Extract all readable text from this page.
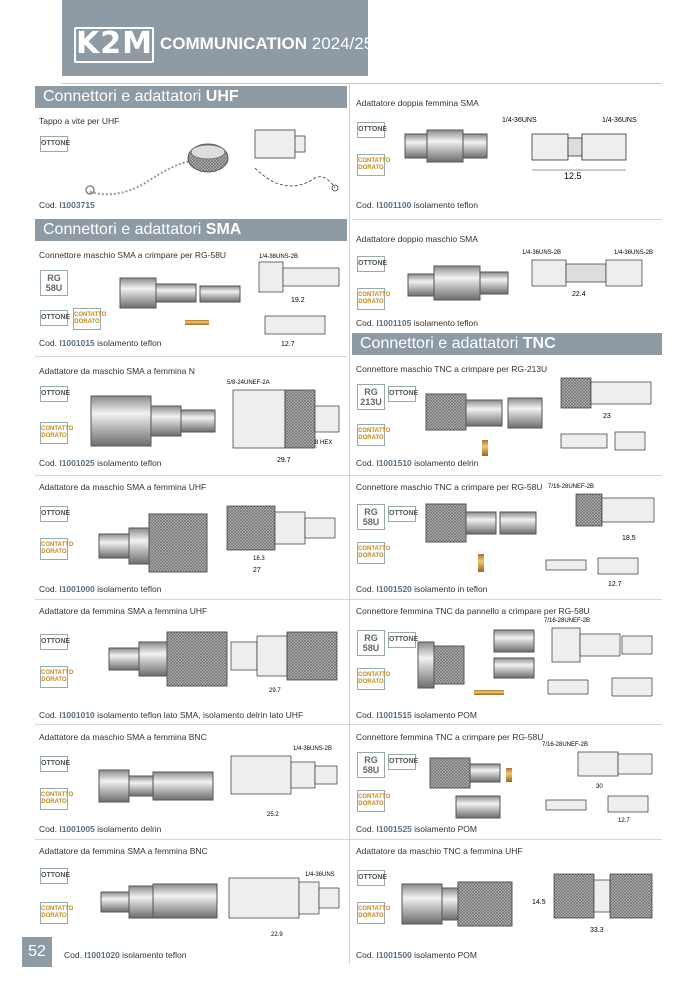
K2M COMMUNICATION 2024/25
Connettori e adattatori UHF
Tappo a vite per UHF
OTTONE
Cod. I1003715
Adattatore doppia femmina SMA
OTTONE
CONTATTO
DORATO
12.5
1/4-36UNS	1/4-36UNS
Cod. I1001100 isolamento teflon
Connettori e adattatori SMA
Connettore maschio SMA a crimpare per RG-58U
RG
58U
OTTONE CONTATTO
DORATO
1/4-36UNS-2B
19.2
12.7
Cod. I1001015 isolamento teflon
Adattatore doppio maschio SMA
OTTONE
CONTATTO
DORATO
1/4-36UNS-2B	1/4-36UNS-2B
22.4
Cod. I1001105 isolamento teflon
Connettori e adattatori TNC
Adattatore da maschio SMA a femmina N
OTTONE
CONTATTO
DORATO
5/8-24UNEF-2A
8 HEX
29.7
Cod. I1001025 isolamento teflon
Connettore maschio TNC a crimpare per RG-213U
RG
213U
OTTONE
CONTATTO
DORATO
23
Cod. I1001510 isolamento delrin
Adattatore da maschio SMA a femmina UHF
OTTONE
CONTATTO
DORATO
18.3
27
Cod. I1001000 isolamento teflon
Connettore maschio TNC a crimpare per RG-58U
RG
58U
OTTONE
CONTATTO
DORATO
7/16-28UNEF-2B
18.5
12.7
Cod. I1001520 isolamento in teflon
Adattatore da femmina SMA a femmina UHF
OTTONE
CONTATTO
DORATO
29.7
Cod. I1001010 isolamento teflon lato SMA, isolamento delrin lato UHF
Connettore femmina TNC da pannello a crimpare per RG-58U
RG
58U
OTTONE
CONTATTO
DORATO
7/16-28UNEF-2B
Cod. I1001515 isolamento POM
Adattatore da maschio SMA a femmina BNC
OTTONE
CONTATTO
DORATO
1/4-36UNS-2B
25.2
Cod. I1001005 isolamento delrin
Connettore femmina TNC a crimpare per RG-58U
RG
58U
OTTONE
CONTATTO
DORATO
7/16-28UNEF-2B
30
12.7
Cod. I1001525 isolamento POM
Adattatore da femmina SMA a femmina BNC
OTTONE
CONTATTO
DORATO
1/4-36UNS
22.9
Adattatore da maschio TNC a femmina UHF
OTTONE
CONTATTO
DORATO
14.5
33.3
Cod. I1001500 isolamento POM
52	Cod. I1001020 isolamento teflon
